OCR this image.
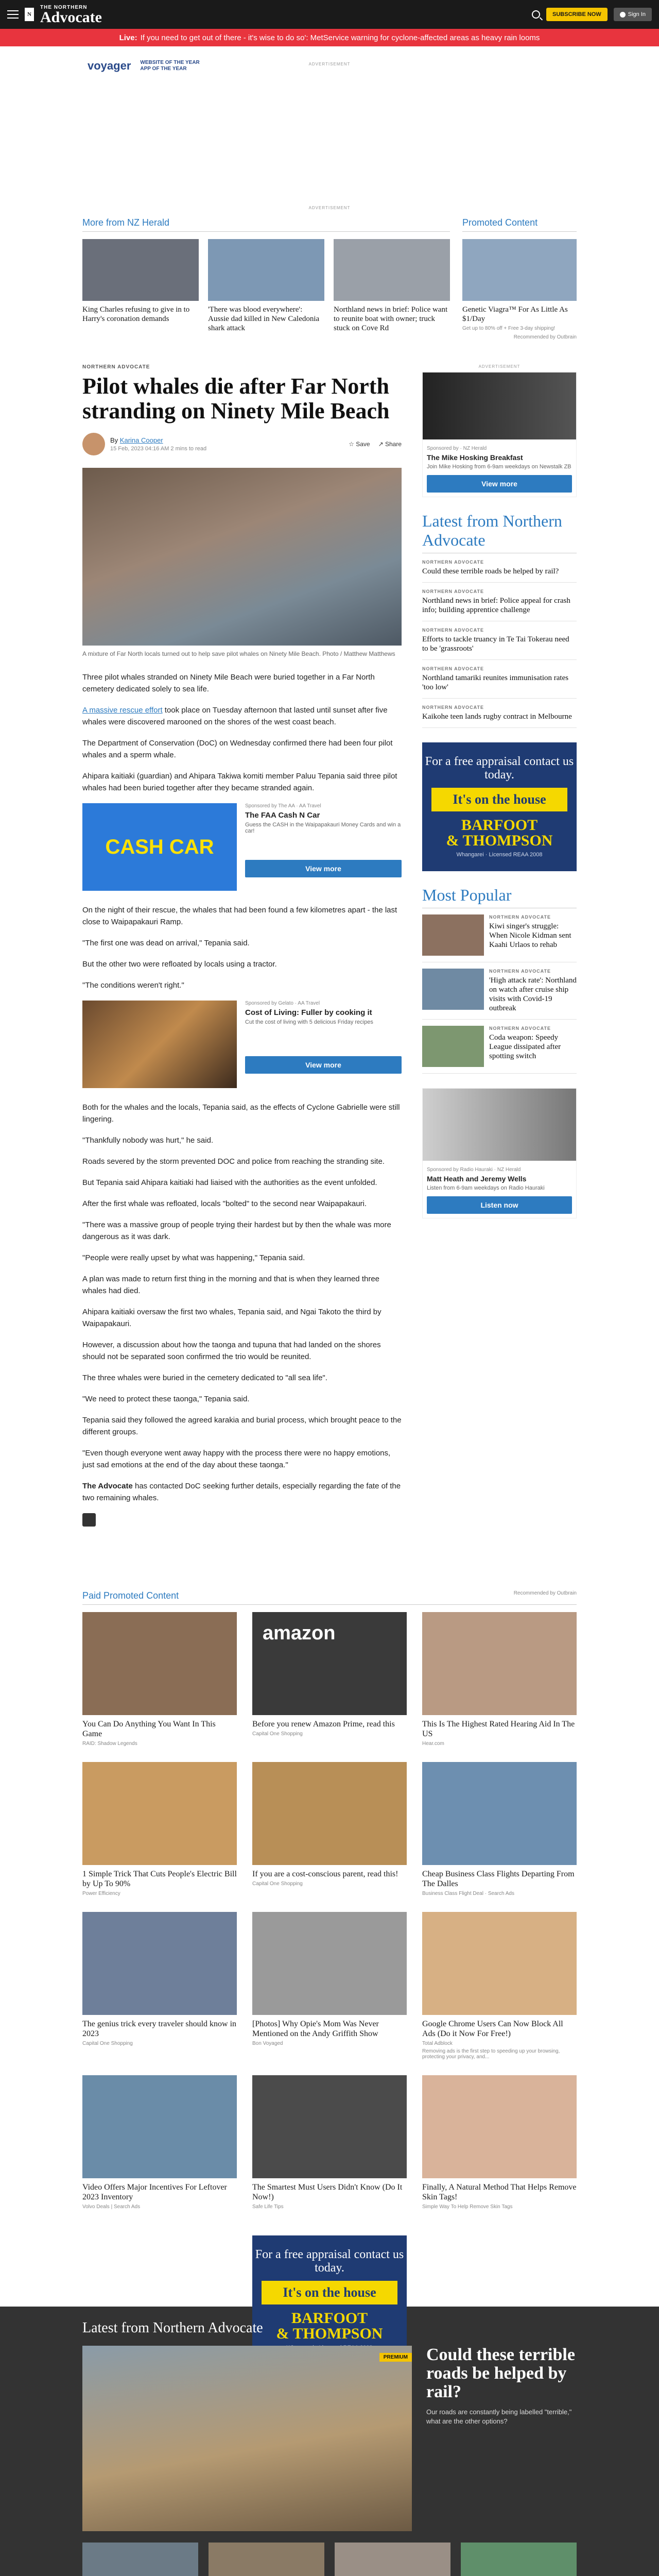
N
THE NORTHERN
Advocate	SUBSCRIBE NOW	Sign In
Live: If you need to get out of there - it's wise to do so': MetService warning for cyclone-affected areas as heavy rain looms
voyager WEBSITE OF THE YEAR
APP OF THE YEAR
ADVERTISEMENT
ADVERTISEMENT
More from NZ Herald
King Charles refusing to give in to Harry's coronation demands
'There was blood everywhere': Aussie dad killed in New Caledonia shark attack
Northland news in brief: Police want to reunite boat with owner; truck stuck on Cove Rd
Promoted Content
Genetic Viagra™ For As Little As $1/Day
Get up to 80% off + Free 3-day shipping!
Recommended by Outbrain
NORTHERN ADVOCATE
Pilot whales die after Far North stranding on Ninety Mile Beach
By Karina Cooper
15 Feb, 2023 04:16 AM 2 mins to read
☆ Save ↗ Share
A mixture of Far North locals turned out to help save pilot whales on Ninety Mile Beach. Photo / Matthew Matthews

Three pilot whales stranded on Ninety Mile Beach were buried together in a Far North cemetery dedicated solely to sea life.

A massive rescue effort took place on Tuesday afternoon that lasted until sunset after five whales were discovered marooned on the shores of the west coast beach.

The Department of Conservation (DoC) on Wednesday confirmed there had been four pilot whales and a sperm whale.

Ahipara kaitiaki (guardian) and Ahipara Takiwa komiti member Paluu Tepania said three pilot whales had been buried together after they became stranded again.

CASH CAR
Sponsored by The AA · AA Travel
The FAA Cash N Car
Guess the CASH in the Waipapakauri Money Cards and win a car!
View more

On the night of their rescue, the whales that had been found a few kilometres apart - the last close to Waipapakauri Ramp.

"The first one was dead on arrival," Tepania said.

But the other two were refloated by locals using a tractor.

"The conditions weren't right."

Sponsored by Gelato · AA Travel
Cost of Living: Fuller by cooking it
Cut the cost of living with 5 delicious Friday recipes
View more

Both for the whales and the locals, Tepania said, as the effects of Cyclone Gabrielle were still lingering.

"Thankfully nobody was hurt," he said.

Roads severed by the storm prevented DOC and police from reaching the stranding site.

But Tepania said Ahipara kaitiaki had liaised with the authorities as the event unfolded.

After the first whale was refloated, locals "bolted" to the second near Waipapakauri.

"There was a massive group of people trying their hardest but by then the whale was more dangerous as it was dark.

"People were really upset by what was happening," Tepania said.

A plan was made to return first thing in the morning and that is when they learned three whales had died.

Ahipara kaitiaki oversaw the first two whales, Tepania said, and Ngai Takoto the third by Waipapakauri.

However, a discussion about how the taonga and tupuna that had landed on the shores should not be separated soon confirmed the trio would be reunited.

The three whales were buried in the cemetery dedicated to "all sea life".

"We need to protect these taonga," Tepania said.

Tepania said they followed the agreed karakia and burial process, which brought peace to the different groups.

"Even though everyone went away happy with the process there were no happy emotions, just sad emotions at the end of the day about these taonga."

The Advocate has contacted DoC seeking further details, especially regarding the fate of the two remaining whales.

ADVERTISEMENT
Sponsored by · NZ Herald
The Mike Hosking Breakfast
Join Mike Hosking from 6-9am weekdays on Newstalk ZB
View more
Latest from Northern Advocate
NORTHERN ADVOCATE
Could these terrible roads be helped by rail?
NORTHERN ADVOCATE
Northland news in brief: Police appeal for crash info; building apprentice challenge
NORTHERN ADVOCATE
Efforts to tackle truancy in Te Tai Tokerau need to be 'grassroots'
NORTHERN ADVOCATE
Northland tamariki reunites immunisation rates 'too low'
NORTHERN ADVOCATE
Kaikohe teen lands rugby contract in Melbourne
For a free appraisal contact us today.
It's on the house
BARFOOT
& THOMPSON
Whangarei · Licensed REAA 2008
Most Popular
NORTHERN ADVOCATE
Kiwi singer's struggle: When Nicole Kidman sent Kaahi Urlaos to rehab
NORTHERN ADVOCATE
'High attack rate': Northland on watch after cruise ship visits with Covid-19 outbreak
NORTHERN ADVOCATE
Coda weapon: Speedy League dissipated after spotting switch
Sponsored by Radio Hauraki · NZ Herald
Matt Heath and Jeremy Wells
Listen from 6-9am weekdays on Radio Hauraki
Listen now
Paid Promoted Content	Recommended by Outbrain
You Can Do Anything You Want In This Game
RAID: Shadow Legends
amazon
Before you renew Amazon Prime, read this
Capital One Shopping
This Is The Highest Rated Hearing Aid In The US
Hear.com
1 Simple Trick That Cuts People's Electric Bill by Up To 90%
Power Efficiency
If you are a cost-conscious parent, read this!
Capital One Shopping
Cheap Business Class Flights Departing From The Dalles
Business Class Flight Deal · Search Ads
The genius trick every traveler should know in 2023
Capital One Shopping
[Photos] Why Opie's Mom Was Never Mentioned on the Andy Griffith Show
Bon Voyaged
Google Chrome Users Can Now Block All Ads (Do it Now For Free!)
Total Adblock
Removing ads is the first step to speeding up your browsing, protecting your privacy, and...
Video Offers Major Incentives For Leftover 2023 Inventory
Volvo Deals | Search Ads
The Smartest Must Users Didn't Know (Do It Now!)
Safe Life Tips
Finally, A Natural Method That Helps Remove Skin Tags!
Simple Way To Help Remove Skin Tags
For a free appraisal contact us today.
It's on the house
BARFOOT
& THOMPSON
Latest from Northern Advocate
PREMIUM Could these terrible roads be helped by rail?
Our roads are constantly being labelled "terrible," what are the other options?
